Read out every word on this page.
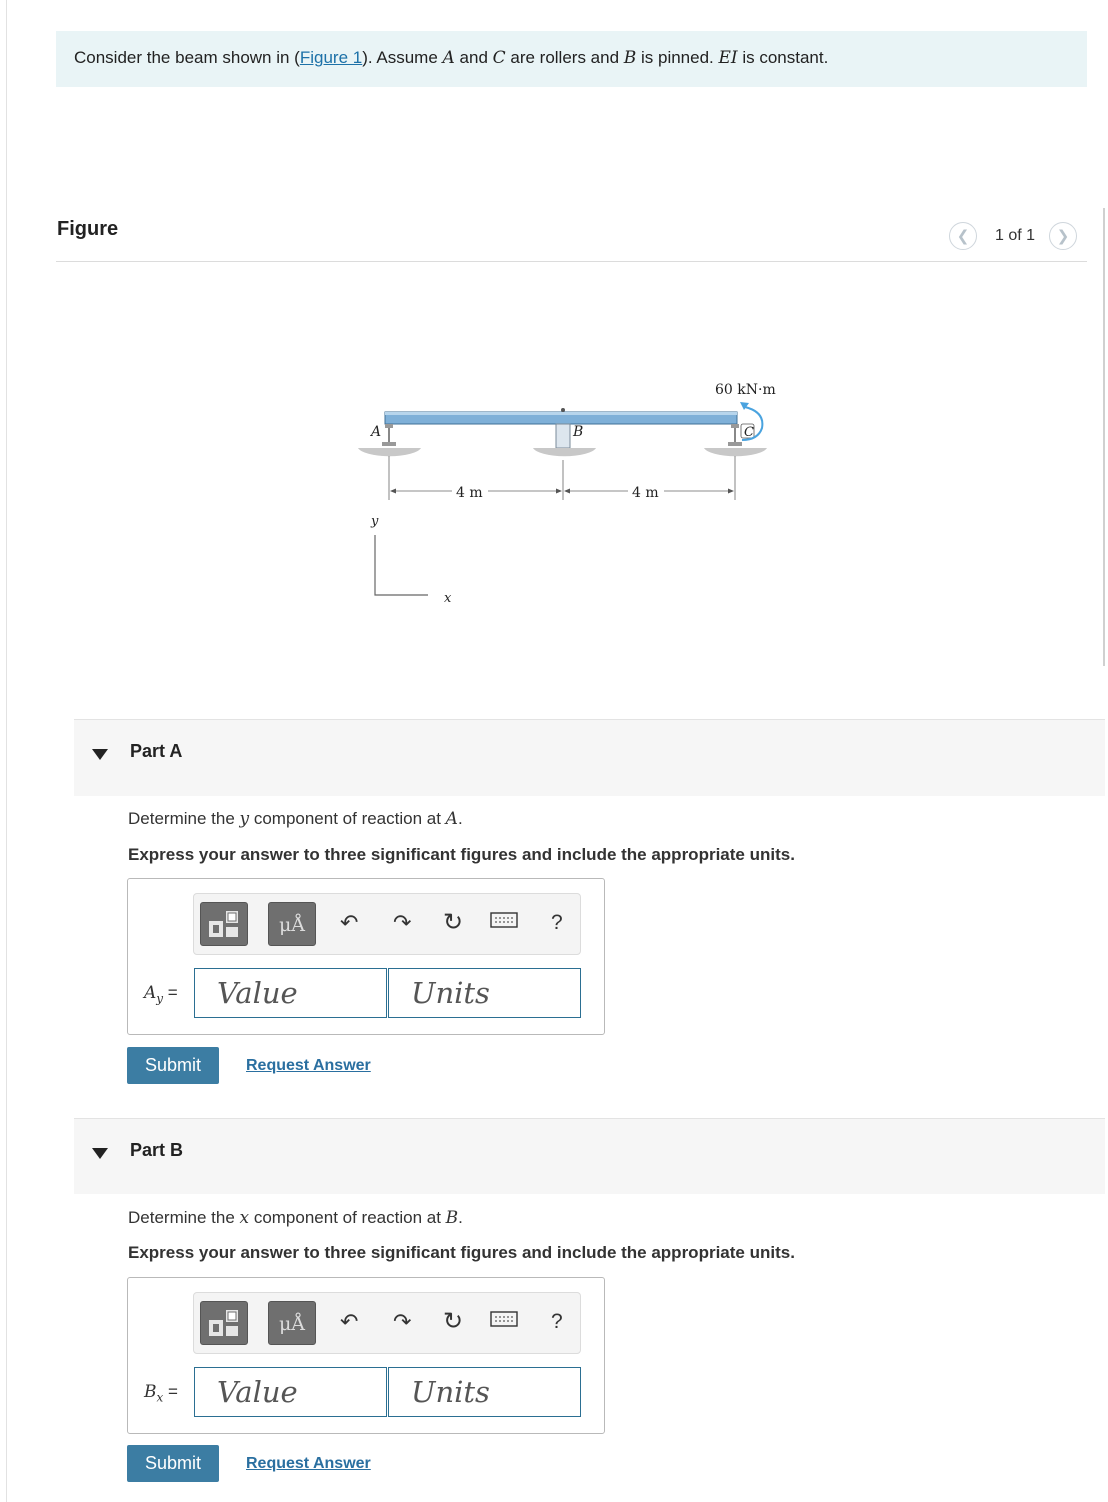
Consider the beam shown in (Figure 1). Assume A and C are rollers and B is pinned. EI is constant.
Figure	❮ 1 of 1 ❯
A	B	C
60 kN·m
4 m	4 m
y
x
Part A
Determine the y component of reaction at A.
Express your answer to three significant figures and include the appropriate units.
μÅ	↶ ↷ ↻	?
$A_y$ =	Value	Units
Submit	Request Answer
Part B
Determine the x component of reaction at B.
Express your answer to three significant figures and include the appropriate units.
μÅ	↶ ↷ ↻	?
$B_x$ =	Value	Units
Submit	Request Answer
